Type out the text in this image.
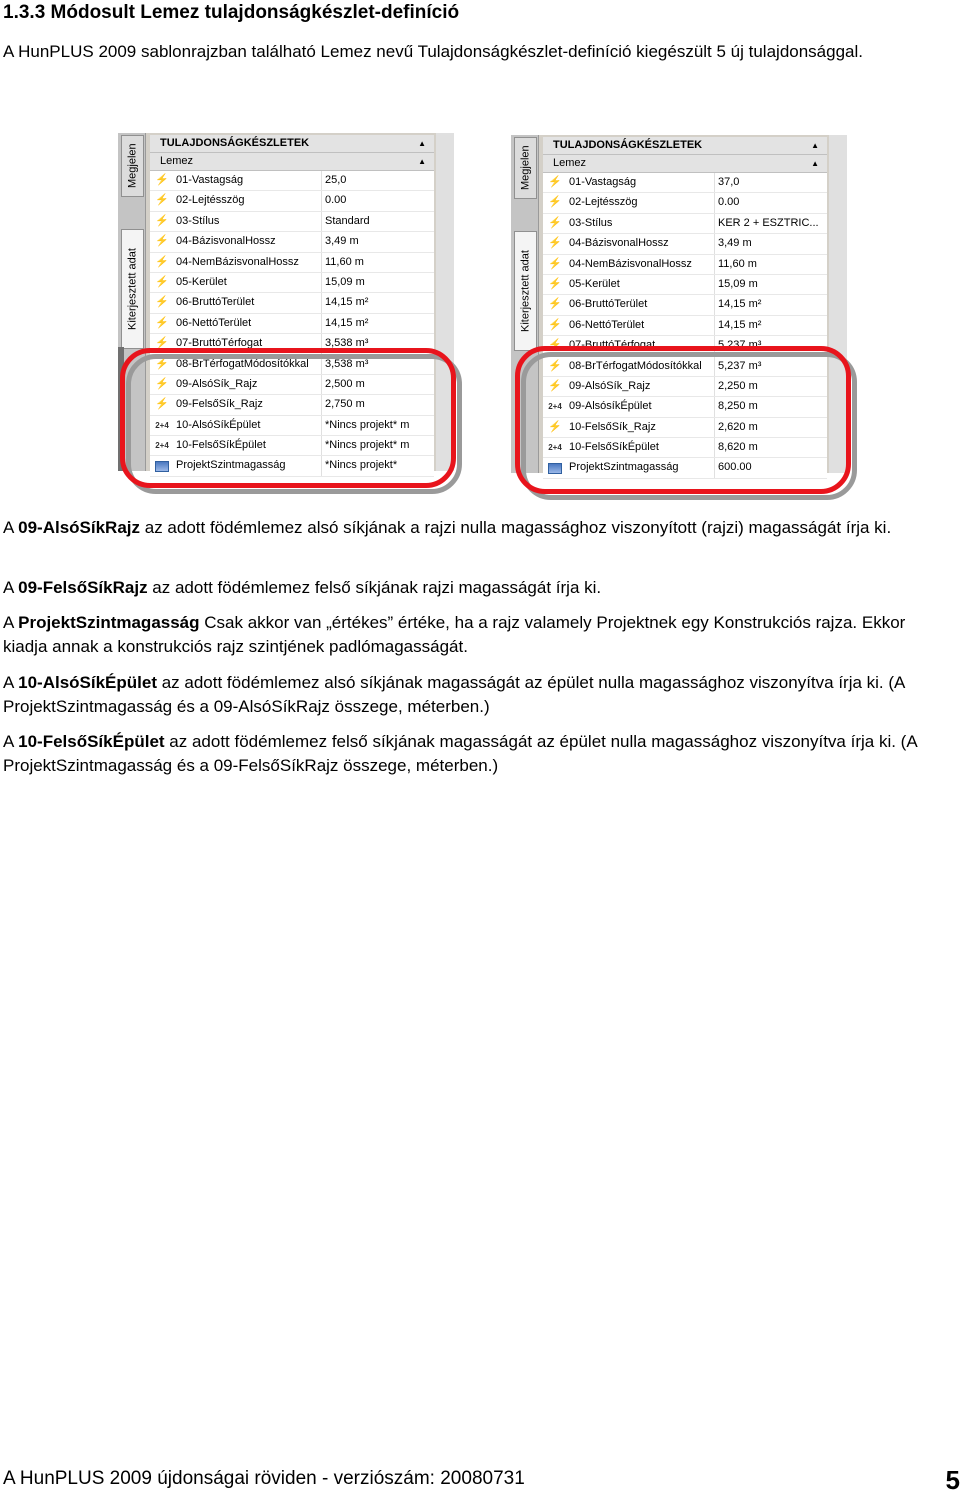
1.3.3 Módosult Lemez tulajdonságkészlet-definíció
A HunPLUS 2009 sablonrajzban található Lemez nevű Tulajdonságkészlet-definíció kiegészült 5 új tulajdonsággal.
Megjelen
Kiterjesztett adat
TULAJDONSÁGKÉSZLETEK	▲
Lemez	▲
⚡ 01-Vastagság	25,0
⚡ 02-Lejtésszög	0.00
⚡ 03-Stílus	Standard
⚡ 04-BázisvonalHossz	3,49 m
⚡ 04-NemBázisvonalHossz	11,60 m
⚡ 05-Kerület	15,09 m
⚡ 06-BruttóTerület	14,15 m²
⚡ 06-NettóTerület	14,15 m²
⚡ 07-BruttóTérfogat	3,538 m³
⚡ 08-BrTérfogatMódosítókkal	3,538 m³
⚡ 09-AlsóSík_Rajz	2,500 m
⚡ 09-FelsőSík_Rajz	2,750 m
2+4 10-AlsóSíkÉpület	*Nincs projekt* m
2+4 10-FelsőSíkÉpület	*Nincs projekt* m
ProjektSzintmagasság	*Nincs projekt*
Megjelen
Kiterjesztett adat
TULAJDONSÁGKÉSZLETEK	▲
Lemez	▲
⚡ 01-Vastagság	37,0
⚡ 02-Lejtésszög	0.00
⚡ 03-Stílus	KER 2 + ESZTRIC...
⚡ 04-BázisvonalHossz	3,49 m
⚡ 04-NemBázisvonalHossz	11,60 m
⚡ 05-Kerület	15,09 m
⚡ 06-BruttóTerület	14,15 m²
⚡ 06-NettóTerület	14,15 m²
⚡ 07-BruttóTérfogat	5,237 m³
⚡ 08-BrTérfogatMódosítókkal	5,237 m³
⚡ 09-AlsóSík_Rajz	2,250 m
2+4 09-AlsósíkÉpület	8,250 m
⚡ 10-FelsőSík_Rajz	2,620 m
2+4 10-FelsőSíkÉpület	8,620 m
ProjektSzintmagasság	600.00
A 09-AlsóSíkRajz az adott födémlemez alsó síkjának a rajzi nulla magassághoz viszonyított (rajzi) magasságát írja ki.
A 09-FelsőSíkRajz az adott födémlemez felső síkjának rajzi magasságát írja ki.
A ProjektSzintmagasság Csak akkor van „értékes” értéke, ha a rajz valamely Projektnek egy Konstrukciós rajza. Ekkor kiadja annak a konstrukciós rajz szintjének padlómagasságát.
A 10-AlsóSíkÉpület az adott födémlemez alsó síkjának magasságát az épület nulla magassághoz viszonyítva írja ki. (A ProjektSzintmagasság és a 09-AlsóSíkRajz összege, méterben.)
A 10-FelsőSíkÉpület az adott födémlemez felső síkjának magasságát az épület nulla magassághoz viszonyítva írja ki. (A ProjektSzintmagasság és a 09-FelsőSíkRajz összege, méterben.)
A HunPLUS 2009 újdonságai röviden - verziószám: 20080731	5
